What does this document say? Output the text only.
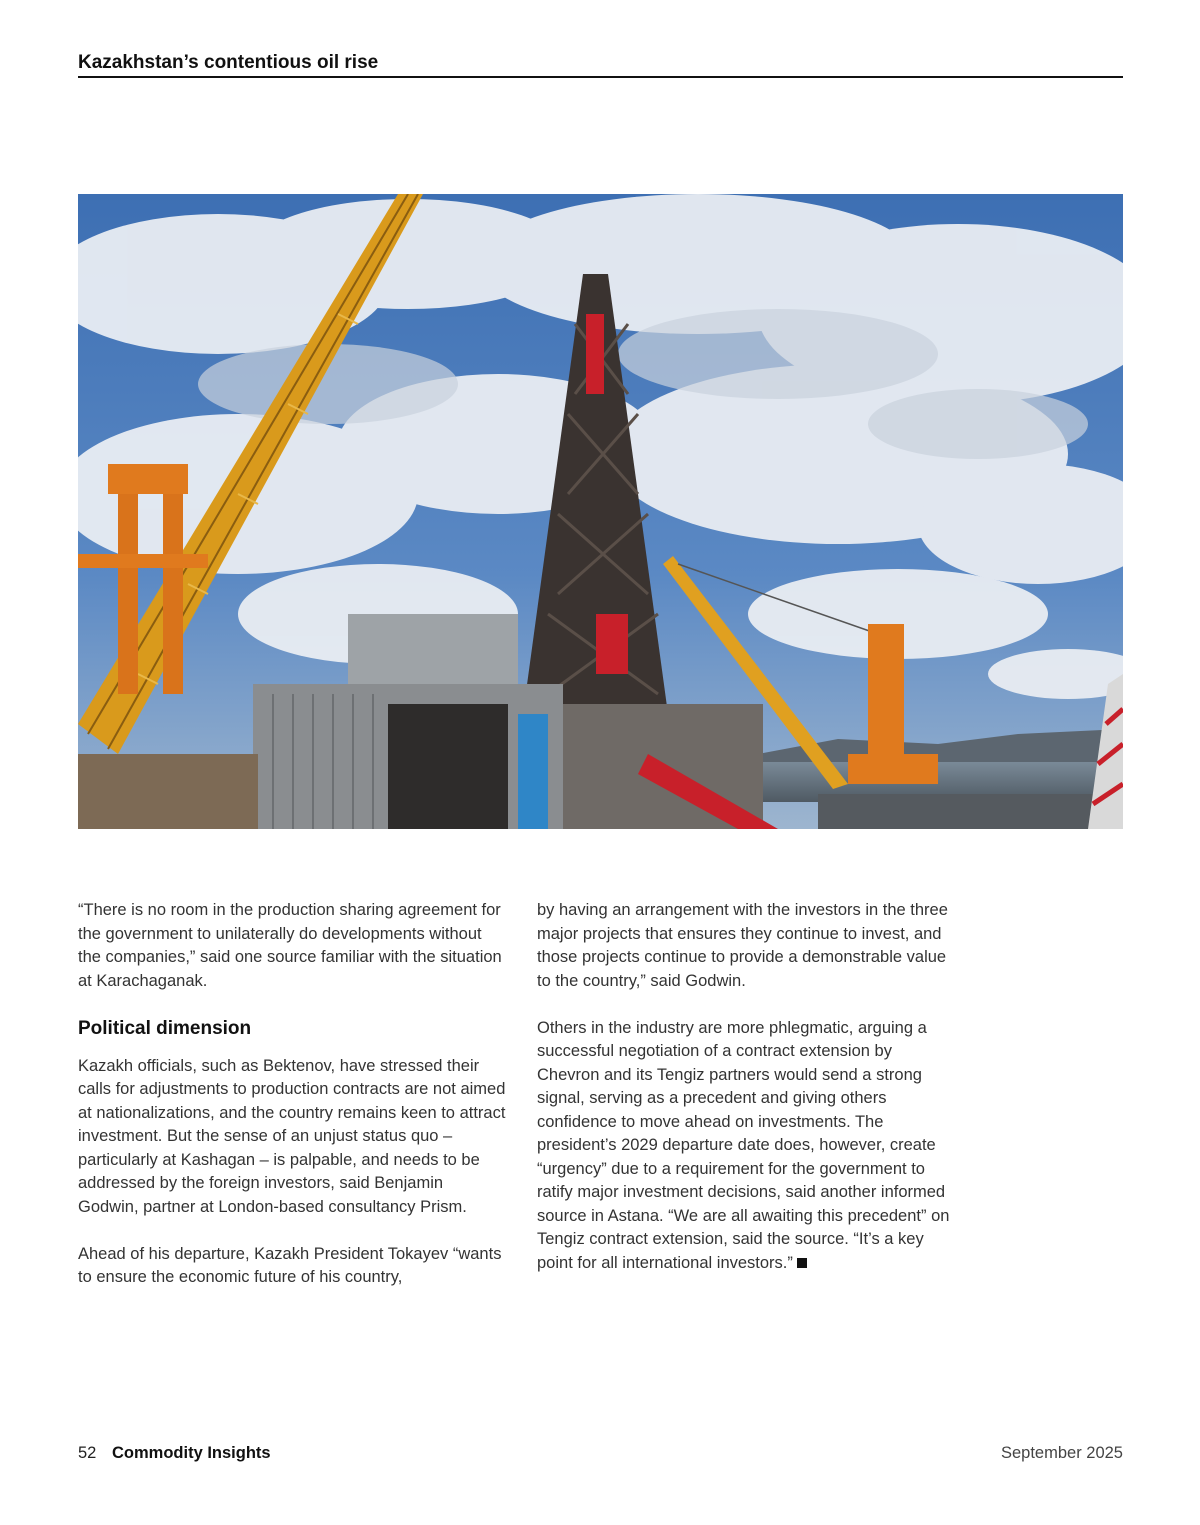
Kazakhstan’s contentious oil rise

“There is no room in the production sharing agreement for the government to unilaterally do developments without the companies,” said one source familiar with the situation at Karachaganak.

Political dimension

Kazakh officials, such as Bektenov, have stressed their calls for adjustments to production contracts are not aimed at nationalizations, and the country remains keen to attract investment. But the sense of an unjust status quo – particularly at Kashagan – is palpable, and needs to be addressed by the foreign investors, said Benjamin Godwin, partner at London-based consultancy Prism.

Ahead of his departure, Kazakh President Tokayev “wants to ensure the economic future of his country,

by having an arrangement with the investors in the three major projects that ensures they continue to invest, and those projects continue to provide a demonstrable value to the country,” said Godwin.

Others in the industry are more phlegmatic, arguing a successful negotiation of a contract extension by Chevron and its Tengiz partners would send a strong signal, serving as a precedent and giving others confidence to move ahead on investments. The president’s 2029 departure date does, however, create “urgency” due to a requirement for the government to ratify major investment decisions, said another informed source in Astana. “We are all awaiting this precedent” on Tengiz contract extension, said the source. “It’s a key point for all international investors.”

52 Commodity Insights	September 2025
